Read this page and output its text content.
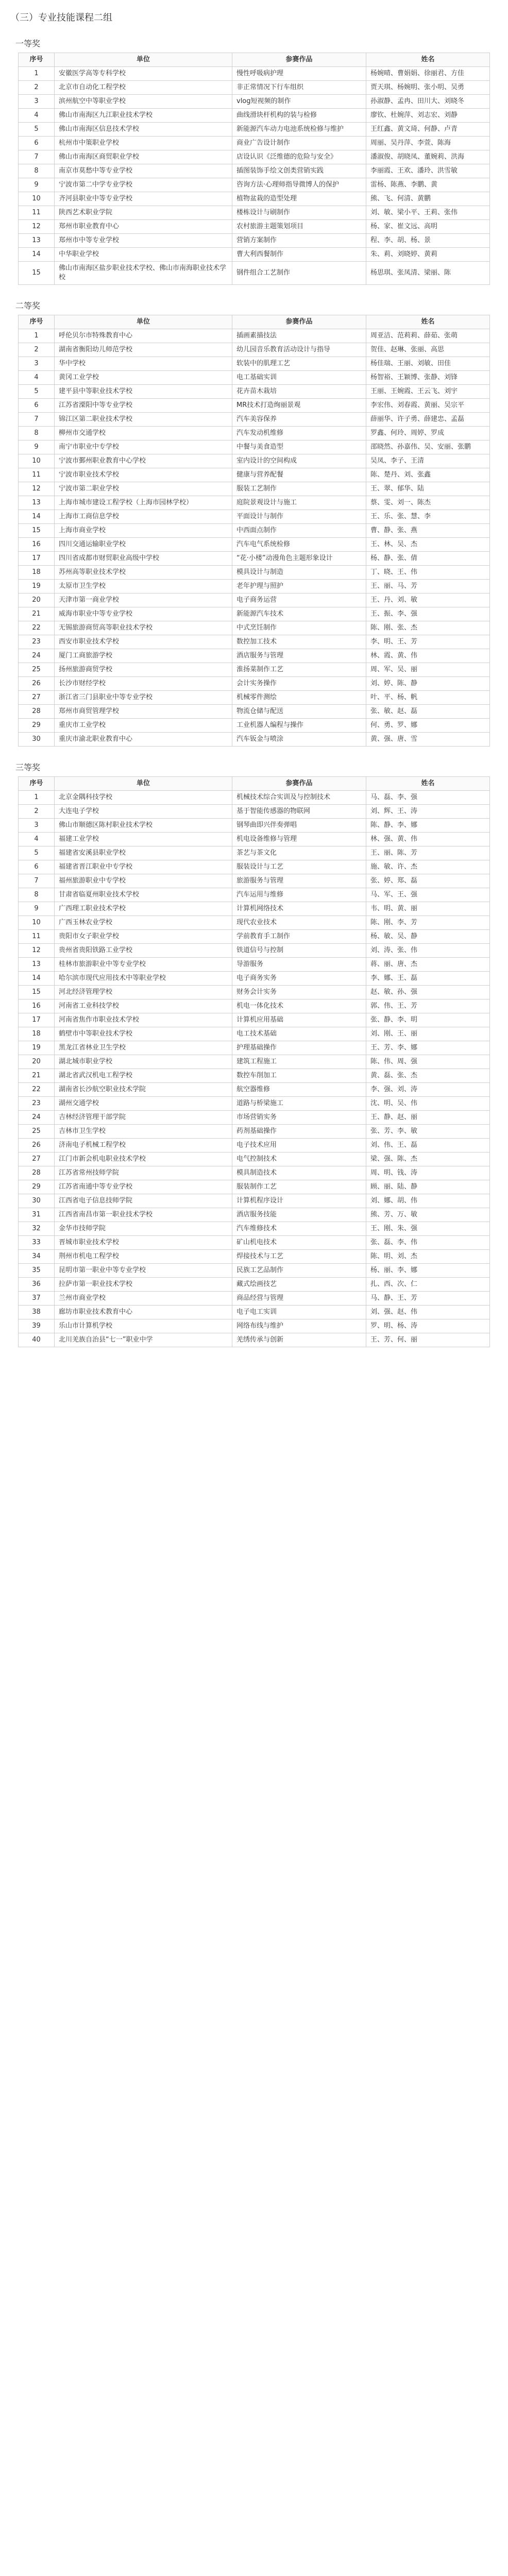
（三）专业技能课程二组
一等奖
序号	单位	参赛作品	姓名
1	安徽医学高等专科学校	慢性呼吸病护理	杨婉晴、曹娟娟、徐丽君、方佳
2	北京市自动化工程学校	非正常情况下行车组织	贾天琪、杨婉明、张小明、吴勇
3	滨州航空中等职业学校	vlog短视频的制作	孙淑静、孟冉、田川大、刘晓冬
4	佛山市南海区九江职业技术学校	曲线滑块杆机构的装与检修	廖钦、杜婉萍、刘志宏、刘静
5	佛山市南海区信息技术学校	新能源汽车动力电池系统检修与维护	王红鑫、黄文琦、何静、卢青
6	杭州市中策职业学校	商业广告设计制作	周丽、吴丹萍、李萱、陈海
7	佛山市南海区商贸职业学校	店设认识《泛维德的危险与安全》	潘淑俊、胡晓凤、董婉莉、洪海
8	南京市莫愁中等专业学校	插图装饰手绘文创类营销实践	李丽霞、王欢、潘玲、洪雪敏
9	宁波市第二中学专业学校	咨询方法·心理师指导微博人的保护	雷杨、陈燕、李鹏、黄
10	齐河县职业中等专业学校	植物盆栽的造型处理	熊、飞、何清、黄鹏
11	陕西艺术职业学院	楼栋设计与刷制作	刘、敏、梁小平、王莉、张伟
12	郑州市职业教育中心	农村旅游主题策划项目	杨、家、崔文远、高明
13	郑州市中等专业学校	营销方案制作	程、李、胡、杨、景
14	中华职业学校	曹大利西餐制作	朱、莉、刘晓婷、黄莉
15	佛山市南海区盐步职业技术学校、佛山市南海职业技术学校	钢件组合工艺制作	杨思琪、张凤清、梁丽、陈
二等奖
序号	单位	参赛作品	姓名
1	呼伦贝尔市特殊教育中心	插画素描技法	周亚洁、范莉莉、薛茹、张萌
2	湖南省衡阳幼儿师范学校	幼儿园音乐教育活动设计与指导	贺佳、赵琳、张丽、高思
3	华中学校	软装中的肌理工艺	杨佳瑞、王丽、刘敏、田佳
4	黄冈工业学校	电工基础实训	杨智裕、王颖博、张静、刘锋
5	建平县中等职业技术学校	花卉苗木栽培	王丽、王婉霞、王云飞、刘宇
6	江苏省溧阳中等专业学校	MR技术打造绚丽景观	李宏伟、刘春霞、黄丽、吴宗平
7	锦江区第二职业技术学校	汽车美容保养	薛丽华、许子勇、薛建忠、孟磊
8	柳州市交通学校	汽车发动机维修	罗鑫、何玲、周婷、罗成
9	南宁市职业中专学校	中餐与美食造型	邵晓然、孙嘉伟、吴、安丽、张鹏
10	宁波市鄞州职业教育中心学校	室内设计的空间构成	吴凤、李子、王清
11	宁波市职业技术学校	健康与营养配餐	陈、楚丹、刘、张鑫
12	宁波市第二职业学校	服装工艺制作	王、翠、郁华、陆
13	上海市城市建设工程学校（上海市园林学校）	庭院景观设计与施工	蔡、雯、刘一、陈杰
14	上海市工商信息学校	平面设计与制作	王、乐、张、慧、李
15	上海市商业学校	中西面点制作	曹、静、张、燕
16	四川交通运输职业学校	汽车电气系统检修	王、林、吴、杰
17	四川省成都市财贸职业高级中学校	“花·小楼”动漫角色主题形象设计	杨、静、张、倩
18	苏州高等职业技术学校	模具设计与制造	丁、晓、王、伟
19	太原市卫生学校	老年护理与照护	王、丽、马、芳
20	天津市第一商业学校	电子商务运营	王、丹、刘、敏
21	威海市职业中等专业学校	新能源汽车技术	王、振、李、强
22	无锡旅游商贸高等职业技术学校	中式烹饪制作	陈、刚、张、杰
23	西安市职业技术学校	数控加工技术	李、明、王、芳
24	厦门工商旅游学校	酒店服务与管理	林、霞、黄、伟
25	扬州旅游商贸学校	淮扬菜制作工艺	周、军、吴、丽
26	长沙市财经学校	会计实务操作	刘、婷、陈、静
27	浙江省三门县职业中等专业学校	机械零件测绘	叶、平、杨、帆
28	郑州市商贸管理学校	物流仓储与配送	张、敏、赵、磊
29	重庆市工业学校	工业机器人编程与操作	何、勇、罗、娜
30	重庆市渝北职业教育中心	汽车钣金与喷涂	黄、强、唐、雪
三等奖
序号	单位	参赛作品	姓名
1	北京金隅科技学校	机械技术综合实训及与控制技术	马、磊、李、强
2	大连电子学校	基于智能传感器的物联网	刘、辉、王、涛
3	佛山市顺德区陈村职业技术学校	钢琴曲即兴伴奏弹唱	陈、静、李、娜
4	福建工业学校	机电设备维修与管理	林、强、黄、伟
5	福建省安溪县职业学校	茶艺与茶文化	王、丽、陈、芳
6	福建省晋江职业中专学校	服装设计与工艺	施、敏、许、杰
7	福州旅游职业中专学校	旅游服务与管理	张、婷、郑、磊
8	甘肃省临夏州职业技术学校	汽车运用与维修	马、军、王、强
9	广西理工职业技术学校	计算机网络技术	韦、明、黄、丽
10	广西玉林农业学校	现代农业技术	陈、刚、李、芳
11	贵阳市女子职业学校	学前教育手工制作	杨、敏、吴、静
12	贵州省贵阳铁路工业学校	铁道信号与控制	刘、涛、张、伟
13	桂林市旅游职业中等专业学校	导游服务	蒋、丽、唐、杰
14	哈尔滨市现代应用技术中等职业学校	电子商务实务	李、娜、王、磊
15	河北经济管理学校	财务会计实务	赵、敏、孙、强
16	河南省工业科技学校	机电一体化技术	郭、伟、王、芳
17	河南省焦作市职业技术学校	计算机应用基础	张、静、李、明
18	鹤壁市中等职业技术学校	电工技术基础	刘、刚、王、丽
19	黑龙江省林业卫生学校	护理基础操作	王、芳、李、娜
20	湖北城市职业学校	建筑工程施工	陈、伟、周、强
21	湖北省武汉机电工程学校	数控车削加工	黄、磊、张、杰
22	湖南省长沙航空职业技术学院	航空器维修	李、强、刘、涛
23	湖州交通学校	道路与桥梁施工	沈、明、吴、伟
24	吉林经济管理干部学院	市场营销实务	王、静、赵、丽
25	吉林市卫生学校	药剂基础操作	张、芳、李、敏
26	济南电子机械工程学校	电子技术应用	刘、伟、王、磊
27	江门市新会机电职业技术学校	电气控制技术	梁、强、陈、杰
28	江苏省常州技师学院	模具制造技术	周、明、钱、涛
29	江苏省南通中等专业学校	服装制作工艺	顾、丽、陆、静
30	江西省电子信息技师学院	计算机程序设计	刘、娜、胡、伟
31	江西省南昌市第一职业技术学校	酒店服务技能	熊、芳、万、敏
32	金华市技师学院	汽车维修技术	王、刚、朱、强
33	晋城市职业技术学校	矿山机电技术	张、磊、李、伟
34	荆州市机电工程学校	焊接技术与工艺	陈、明、刘、杰
35	昆明市第一职业中等专业学校	民族工艺品制作	杨、丽、李、娜
36	拉萨市第一职业技术学校	藏式绘画技艺	扎、西、次、仁
37	兰州市商业学校	商品经营与管理	马、静、王、芳
38	廊坊市职业技术教育中心	电子电工实训	刘、强、赵、伟
39	乐山市计算机学校	网络布线与维护	罗、明、杨、涛
40	北川羌族自治县“七一”职业中学	羌绣传承与创新	王、芳、何、丽
